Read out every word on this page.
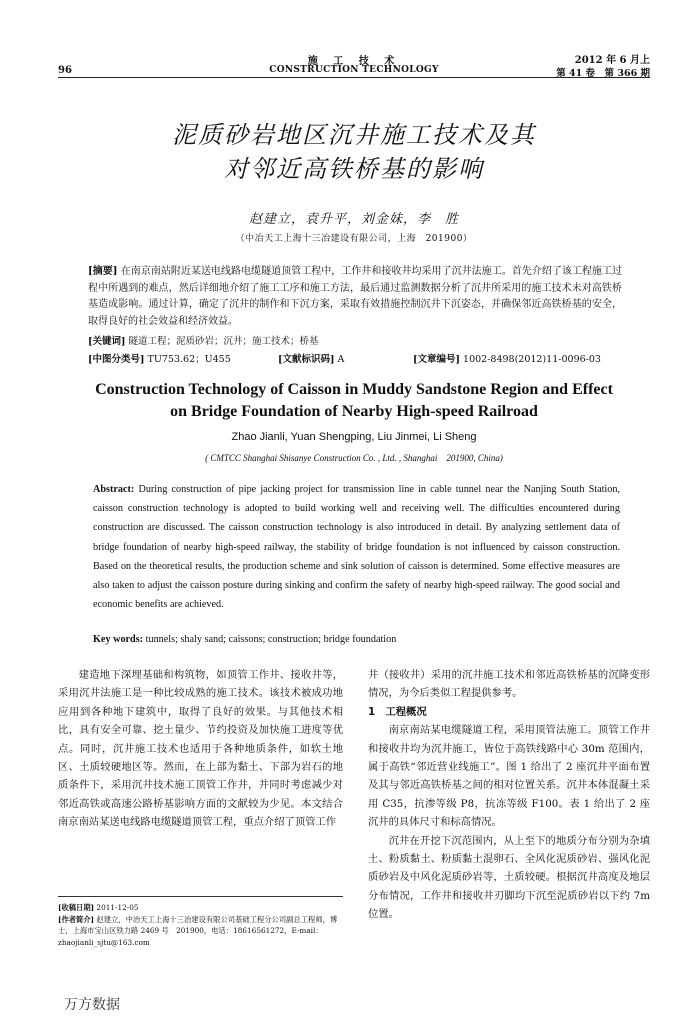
96
施 工 技 术
CONSTRUCTION TECHNOLOGY
2012 年 6 月上
第 41 卷　第 366 期
泥质砂岩地区沉井施工技术及其
对邻近高铁桥基的影响
赵建立，袁升平，刘金妹，李　胜
（中冶天工上海十三冶建设有限公司，上海　201900）
[摘要] 在南京南站附近某送电线路电缆隧道顶管工程中，工作井和接收井均采用了沉井法施工。首先介绍了该工程施工过程中所遇到的难点，然后详细地介绍了施工工序和施工方法，最后通过监测数据分析了沉井所采用的施工技术未对高铁桥基造成影响。通过计算，确定了沉井的制作和下沉方案，采取有效措施控制沉井下沉姿态，并确保邻近高铁桥基的安全，取得良好的社会效益和经济效益。
[关键词] 隧道工程；泥质砂岩；沉井；施工技术；桥基
[中图分类号] TU753.62；U455	[文献标识码] A	[文章编号] 1002-8498(2012)11-0096-03
Construction Technology of Caisson in Muddy Sandstone Region and Effect
on Bridge Foundation of Nearby High-speed Railroad
Zhao Jianli, Yuan Shengping, Liu Jinmei, Li Sheng
( CMTCC Shanghai Shisanye Construction Co. , Ltd. , Shanghai　201900, China)
Abstract: During construction of pipe jacking project for transmission line in cable tunnel near the Nanjing South Station, caisson construction technology is adopted to build working well and receiving well. The difficulties encountered during construction are discussed. The caisson construction technology is also introduced in detail. By analyzing settlement data of bridge foundation of nearby high-speed railway, the stability of bridge foundation is not influenced by caisson construction. Based on the theoretical results, the production scheme and sink solution of caisson is determined. Some effective measures are also taken to adjust the caisson posture during sinking and confirm the safety of nearby high-speed railway. The good social and economic benefits are achieved.
Key words: tunnels; shaly sand; caissons; construction; bridge foundation

建造地下深埋基础和构筑物，如顶管工作井、接收井等，采用沉井法施工是一种比较成熟的施工技术。该技术被成功地应用到各种地下建筑中，取得了良好的效果。与其他技术相比，具有安全可靠、挖土量少、节约投资及加快施工进度等优点。同时，沉井施工技术也适用于各种地质条件，如软土地区、土质较硬地区等。然而，在上部为黏土、下部为岩石的地质条件下，采用沉井技术施工顶管工作井，并同时考虑减少对邻近高铁或高速公路桥基影响方面的文献较为少见。本文结合南京南站某送电线路电缆隧道顶管工程，重点介绍了顶管工作

井（接收井）采用的沉井施工技术和邻近高铁桥基的沉降变形情况，为今后类似工程提供参考。
1　工程概况

南京南站某电缆隧道工程，采用顶管法施工。顶管工作井和接收井均为沉井施工，皆位于高铁线路中心 30m 范围内，属于高铁“邻近营业线施工”。图 1 给出了 2 座沉井平面布置及其与邻近高铁桥基之间的相对位置关系。沉井本体混凝土采用 C35，抗渗等级 P8，抗冻等级 F100。表 1 给出了 2 座沉井的具体尺寸和标高情况。

沉井在开挖下沉范围内，从上至下的地质分布分别为杂填土、粉质黏土、粉质黏土混卵石、全风化泥质砂岩、强风化泥质砂岩及中风化泥质砂岩等，土质较硬。根据沉井高度及地层分布情况，工作井和接收井刃脚均下沉至泥质砂岩以下约 7m 位置。

[收稿日期] 2011-12-05
[作者简介] 赵建立，中冶天工上海十三冶建设有限公司基础工程分公司副总工程师，博士，上海市宝山区铁力路 2469 号　201900，电话：18616561272，E-mail：zhaojianli_sjtu@163.com
万方数据
